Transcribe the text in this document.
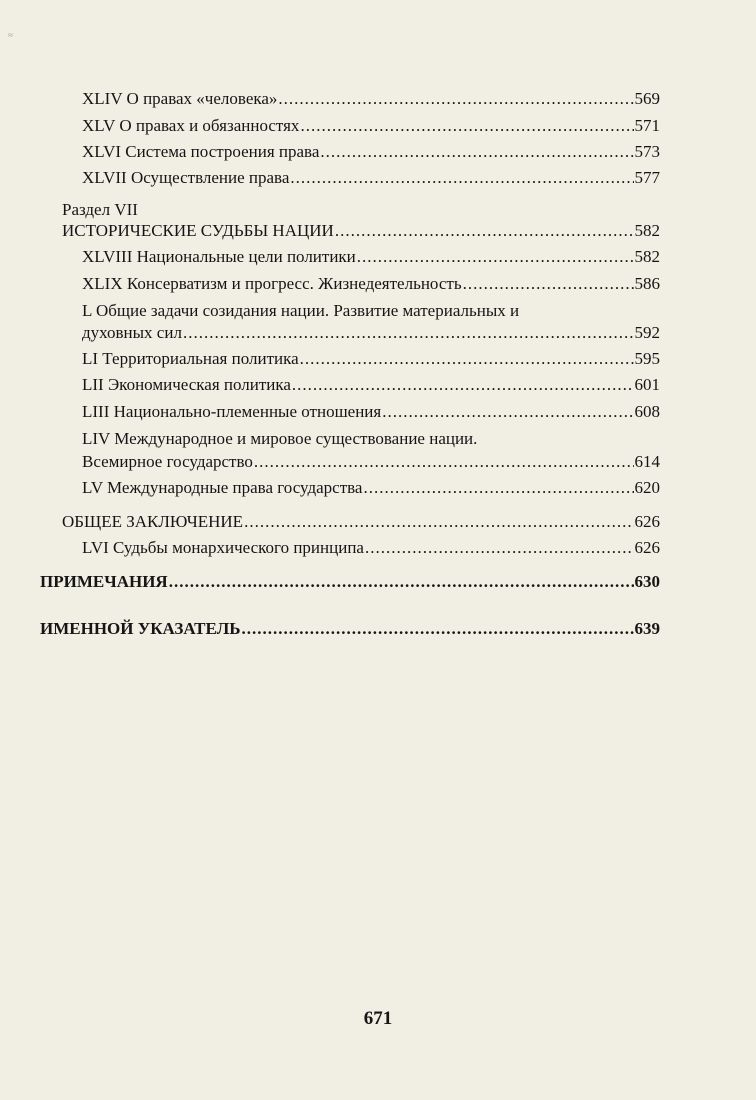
≈
XLIV О правах «человека» .....	569
XLV О правах и обязанностях .....	571
XLVI Система построения права .....	573
XLVII Осуществление права .....	577
Раздел VII
ИСТОРИЧЕСКИЕ СУДЬБЫ НАЦИИ .....	582
XLVIII Национальные цели политики .....	582
XLIX Консерватизм и прогресс. Жизнедеятельность .....	586
L Общие задачи созидания нации. Развитие материальных и
духовных сил .....	592
LI Территориальная политика .....	595
LII Экономическая политика .....	601
LIII Национально-племенные отношения .....	608
LIV Международное и мировое существование нации.
Всемирное государство .....	614
LV Международные права государства .....	620
ОБЩЕЕ ЗАКЛЮЧЕНИЕ .....	626
LVI Судьбы монархического принципа .....	626
ПРИМЕЧАНИЯ .....	630
ИМЕННОЙ УКАЗАТЕЛЬ .....	639
671
